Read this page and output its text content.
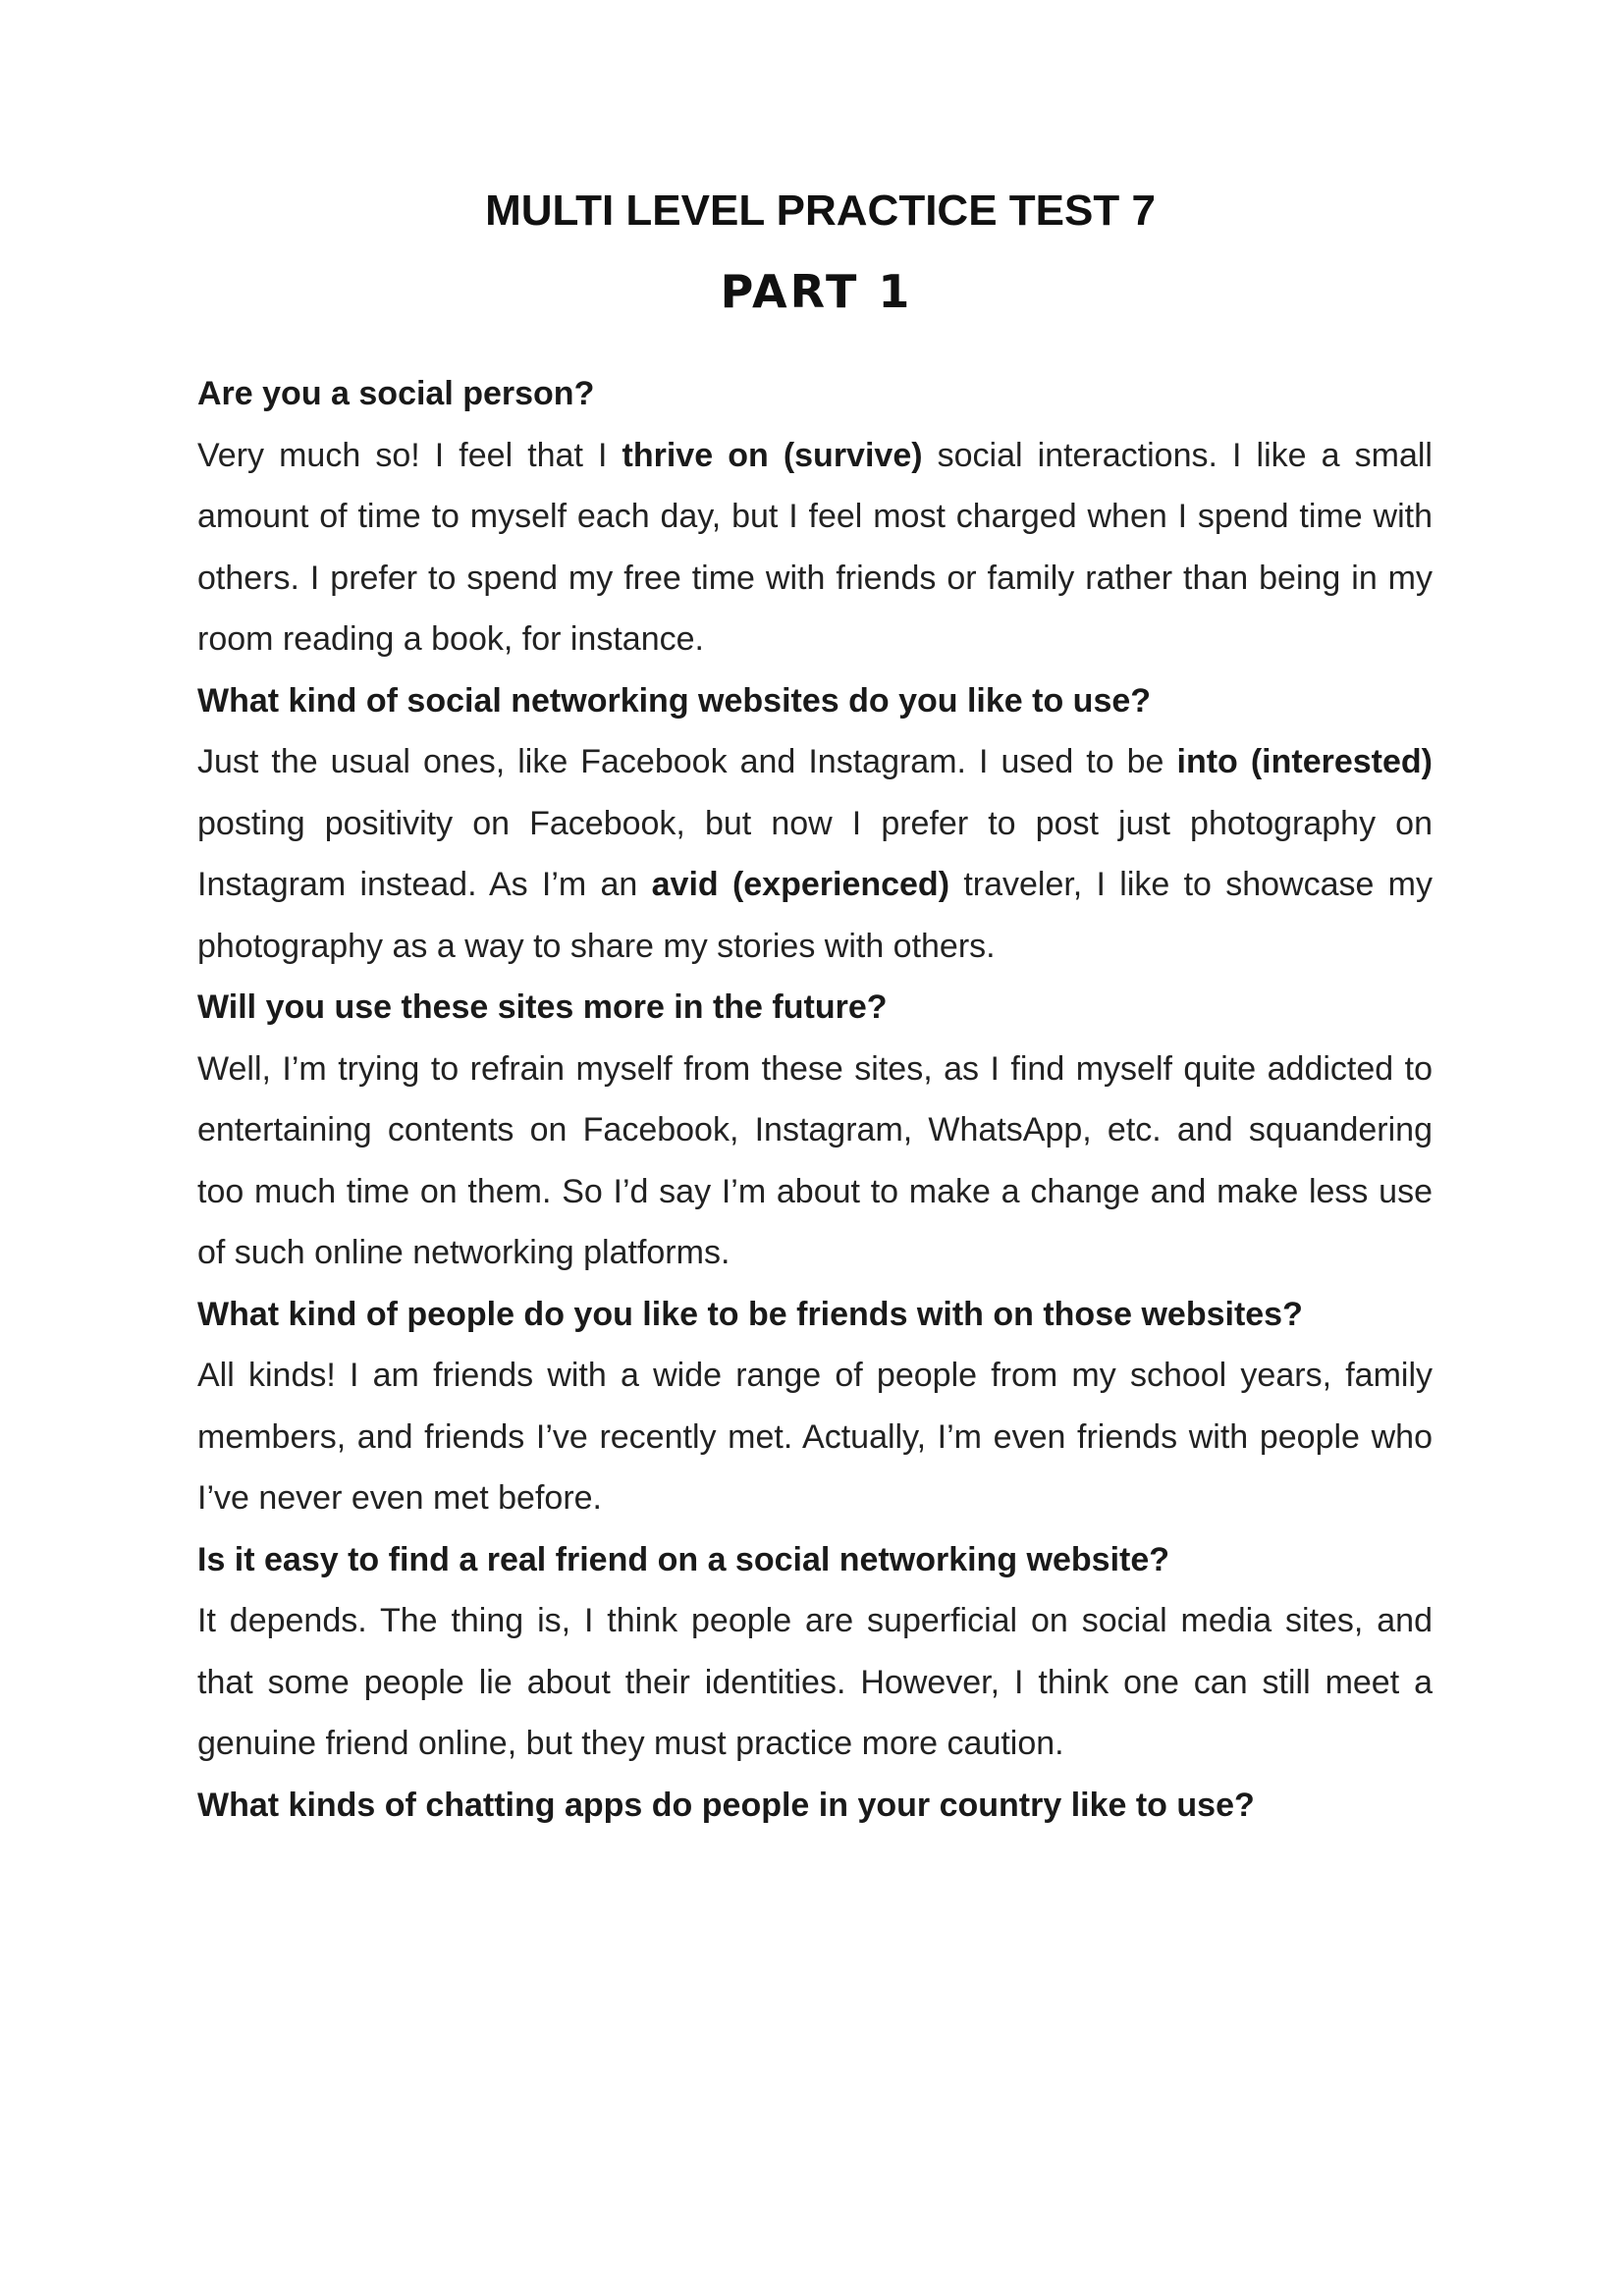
MULTI LEVEL PRACTICE TEST 7
PART 1

Are you a social person?

Very much so! I feel that I thrive on (survive) social interactions. I like a small amount of time to myself each day, but I feel most charged when I spend time with others. I prefer to spend my free time with friends or family rather than being in my room reading a book, for instance.

What kind of social networking websites do you like to use?

Just the usual ones, like Facebook and Instagram. I used to be into (interested) posting positivity on Facebook, but now I prefer to post just photography on Instagram instead. As I’m an avid (experienced) traveler, I like to showcase my photography as a way to share my stories with others.

Will you use these sites more in the future?

Well, I’m trying to refrain myself from these sites, as I find myself quite addicted to entertaining contents on Facebook, Instagram, WhatsApp, etc. and squandering too much time on them. So I’d say I’m about to make a change and make less use of such online networking platforms.

What kind of people do you like to be friends with on those websites?

All kinds! I am friends with a wide range of people from my school years, family members, and friends I’ve recently met. Actually, I’m even friends with people who I’ve never even met before.

Is it easy to find a real friend on a social networking website?

It depends. The thing is, I think people are superficial on social media sites, and that some people lie about their identities. However, I think one can still meet a genuine friend online, but they must practice more caution.

What kinds of chatting apps do people in your country like to use?
